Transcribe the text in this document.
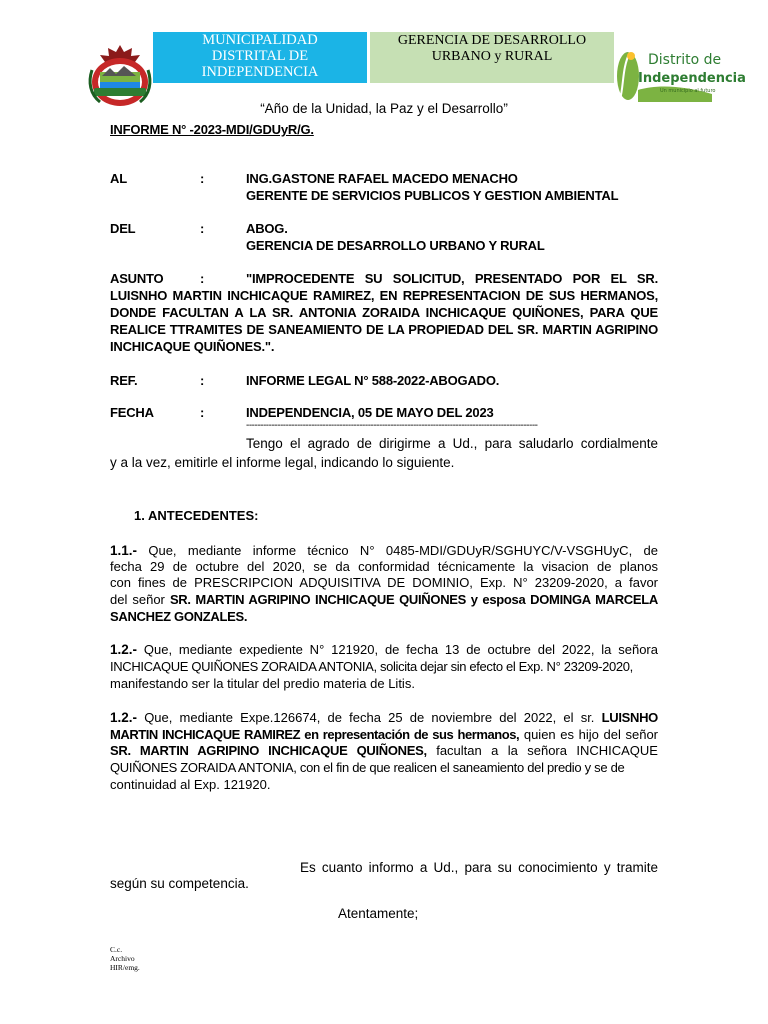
MUNICIPALIDAD
DISTRITAL DE
INDEPENDENCIA
GERENCIA DE DESARROLLO
URBANO y RURAL	Distrito de
Independencia
Un municipio al futuro
“Año de la Unidad, la Paz y el Desarrollo”
INFORME N° -2023-MDI/GDUyR/G.
AL	:	ING.GASTONE RAFAEL MACEDO MENACHO
GERENTE DE SERVICIOS PUBLICOS Y GESTION AMBIENTAL
DEL	:	ABOG.
GERENCIA DE DESARROLLO URBANO Y RURAL
ASUNTO	:	"IMPROCEDENTE SU SOLICITUD, PRESENTADO POR EL SR.
LUISNHO MARTIN INCHICAQUE RAMIREZ, EN REPRESENTACION DE SUS HERMANOS,
DONDE FACULTAN A LA SR. ANTONIA ZORAIDA INCHICAQUE QUIÑONES, PARA QUE
REALICE TTRAMITES DE SANEAMIENTO DE LA PROPIEDAD DEL SR. MARTIN AGRIPINO
INCHICAQUE QUIÑONES.".
REF.	:	INFORME LEGAL N° 588-2022-ABOGADO.
FECHA	:	INDEPENDENCIA, 05 DE MAYO DEL 2023
-------------------------------------------------------------------------------------------------------
Tengo el agrado de dirigirme a Ud., para saludarlo cordialmente
y a la vez, emitirle el informe legal, indicando lo siguiente.
1. ANTECEDENTES:
1.1.- Que, mediante informe técnico N° 0485-MDI/GDUyR/SGHUYC/V-VSGHUyC, de
fecha 29 de octubre del 2020, se da conformidad técnicamente la visacion de planos
con fines de PRESCRIPCION ADQUISITIVA DE DOMINIO, Exp. N° 23209-2020, a favor
del señor SR. MARTIN AGRIPINO INCHICAQUE QUIÑONES y esposa DOMINGA MARCELA
SANCHEZ GONZALES.
1.2.- Que, mediante expediente N° 121920, de fecha 13 de octubre del 2022, la señora
INCHICAQUE QUIÑONES ZORAIDA ANTONIA, solicita dejar sin efecto el Exp. N° 23209-2020,
manifestando ser la titular del predio materia de Litis.
1.2.- Que, mediante Expe.126674, de fecha 25 de noviembre del 2022, el sr. LUISNHO
MARTIN INCHICAQUE RAMIREZ en representación de sus hermanos, quien es hijo del señor
SR. MARTIN AGRIPINO INCHICAQUE QUIÑONES, facultan a la señora INCHICAQUE
QUIÑONES ZORAIDA ANTONIA, con el fin de que realicen el saneamiento del predio y se de
continuidad al Exp. 121920.
Es cuanto informo a Ud., para su conocimiento y tramite
según su competencia.
Atentamente;
C.c.
Archivo
HIR/emg.
